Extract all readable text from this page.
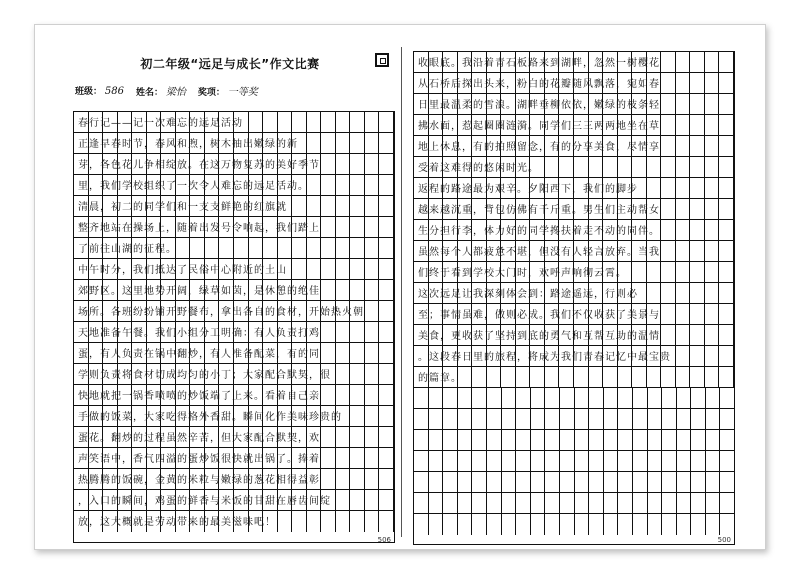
初二年级“远足与成长”作文比赛
班级： 586 姓名： 梁怡 奖项： 一等奖
春行记——记一次难忘的远足活动
正逢早春时节，春风和煦，树木抽出嫩绿的新
芽，各色花儿争相绽放。在这万物复苏的美好季节
里，我们学校组织了一次令人难忘的远足活动。
清晨，初二的同学们和一支支鲜艳的红旗就
整齐地站在操场上，随着出发号令响起，我们踏上
了前往山湖的征程。
中午时分，我们抵达了民俗中心附近的土山
郊野区。这里地势开阔，绿草如茵，是休憩的绝佳
场所。各班纷纷铺开野餐布，拿出各自的食材，开始热火朝
天地准备午餐。我们小组分工明确：有人负责打鸡
蛋，有人负责在锅中翻炒，有人准备配菜，有的同
学则负责将食材切成均匀的小丁；大家配合默契，很
快地就把一锅香喷喷的炒饭端了上来。看着自己亲
手做的饭菜，大家吃得格外香甜。瞬间化作美味珍贵的
蛋花。翻炒的过程虽然辛苦，但大家配合默契，欢
声笑语中，香气四溢的蛋炒饭很快就出锅了。捧着
热腾腾的饭碗，金黄的米粒与嫩绿的葱花相得益彰
，入口的瞬间，鸡蛋的鲜香与米饭的甘甜在唇齿间绽
放，这大概就是劳动带来的最美滋味吧！
506
收眼底。我沿着青石板路来到湖畔，忽然一树樱花
从石桥后探出头来，粉白的花瓣随风飘落，宛如春
日里最温柔的雪浪。湖畔垂柳依依，嫩绿的枝条轻
拂水面，惹起圈圈涟漪。同学们三三两两地坐在草
地上休息，有的拍照留念，有的分享美食，尽情享
受着这难得的悠闲时光。
返程的路途最为艰辛。夕阳西下，我们的脚步
越来越沉重，背包仿佛有千斤重。男生们主动帮女
生分担行李，体力好的同学搀扶着走不动的同伴。
虽然每个人都疲惫不堪，但没有人轻言放弃。当我
们终于看到学校大门时，欢呼声响彻云霄。
这次远足让我深刻体会到：路途遥远，行则必
至；事情虽难，做则必成。我们不仅收获了美景与
美食，更收获了坚持到底的勇气和互帮互助的温情
。这段春日里的旅程，将成为我们青春记忆中最宝贵
的篇章。
500
